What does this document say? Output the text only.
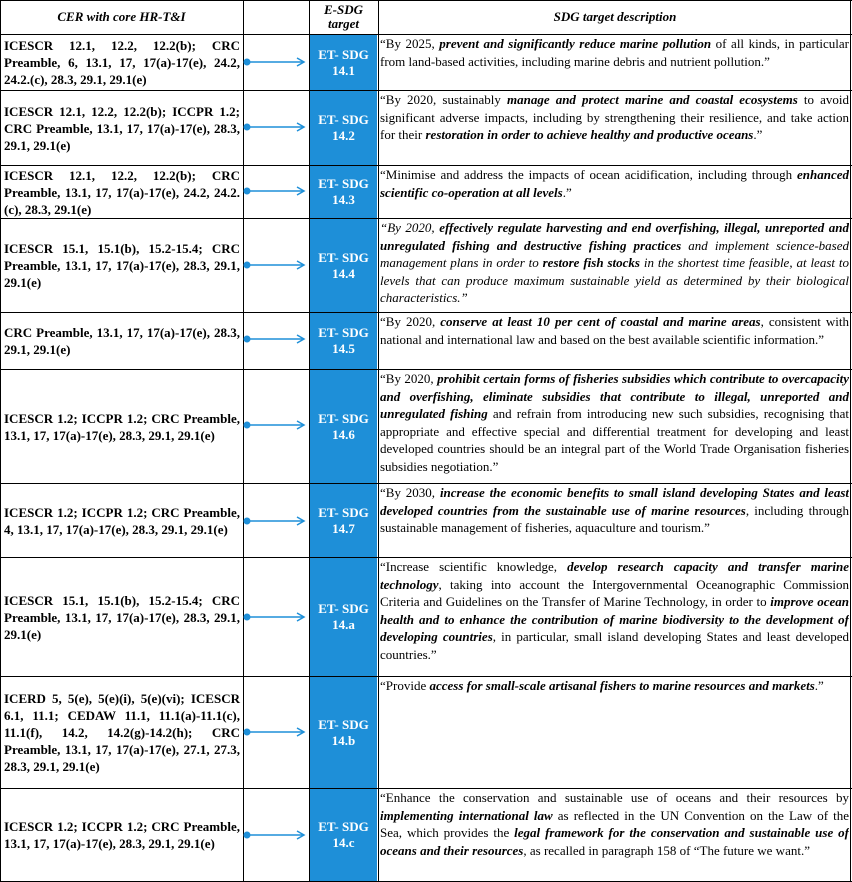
CER with core HR-T&I	E-SDG
target	SDG target description
ICESCR 12.1, 12.2, 12.2(b); CRC Preamble, 6, 13.1, 17, 17(a)-17(e), 24.2, 24.2.(c), 28.3, 29.1, 29.1(e)
ET- SDG
14.1
“By 2025, prevent and significantly reduce marine pollution of all kinds, in particular from land-based activities, including marine debris and nutrient pollution.”
ICESCR 12.1, 12.2, 12.2(b); ICCPR 1.2; CRC Preamble, 13.1, 17, 17(a)-17(e), 28.3, 29.1, 29.1(e)
ET- SDG
14.2
“By 2020, sustainably manage and protect marine and coastal ecosystems to avoid significant adverse impacts, including by strengthening their resilience, and take action for their restoration in order to achieve healthy and productive oceans.”
ICESCR 12.1, 12.2, 12.2(b); CRC Preamble, 13.1, 17, 17(a)-17(e), 24.2, 24.2.(c), 28.3, 29.1(e)
ET- SDG
14.3
“Minimise and address the impacts of ocean acidification, including through enhanced scientific co-operation at all levels.”
ICESCR 15.1, 15.1(b), 15.2-15.4; CRC Preamble, 13.1, 17, 17(a)-17(e), 28.3, 29.1, 29.1(e)
ET- SDG
14.4
“By 2020, effectively regulate harvesting and end overfishing, illegal, unreported and unregulated fishing and destructive fishing practices and implement science-based management plans in order to restore fish stocks in the shortest time feasible, at least to levels that can produce maximum sustainable yield as determined by their biological characteristics.”
CRC Preamble, 13.1, 17, 17(a)-17(e), 28.3, 29.1, 29.1(e)
ET- SDG
14.5
“By 2020, conserve at least 10 per cent of coastal and marine areas, consistent with national and international law and based on the best available scientific information.”
ICESCR 1.2; ICCPR 1.2; CRC Preamble, 13.1, 17, 17(a)-17(e), 28.3, 29.1, 29.1(e)
ET- SDG
14.6
“By 2020, prohibit certain forms of fisheries subsidies which contribute to overcapacity and overfishing, eliminate subsidies that contribute to illegal, unreported and unregulated fishing and refrain from introducing new such subsidies, recognising that appropriate and effective special and differential treatment for developing and least developed countries should be an integral part of the World Trade Organisation fisheries subsidies negotiation.”
ICESCR 1.2; ICCPR 1.2; CRC Preamble, 4, 13.1, 17, 17(a)-17(e), 28.3, 29.1, 29.1(e)
ET- SDG
14.7
“By 2030, increase the economic benefits to small island developing States and least developed countries from the sustainable use of marine resources, including through sustainable management of fisheries, aquaculture and tourism.”
ICESCR 15.1, 15.1(b), 15.2-15.4; CRC Preamble, 13.1, 17, 17(a)-17(e), 28.3, 29.1, 29.1(e)
ET- SDG
14.a
“Increase scientific knowledge, develop research capacity and transfer marine technology, taking into account the Intergovernmental Oceanographic Commission Criteria and Guidelines on the Transfer of Marine Technology, in order to improve ocean health and to enhance the contribution of marine biodiversity to the development of developing countries, in particular, small island developing States and least developed countries.”
ICERD 5, 5(e), 5(e)(i), 5(e)(vi); ICESCR 6.1, 11.1; CEDAW 11.1, 11.1(a)-11.1(c), 11.1(f), 14.2, 14.2(g)-14.2(h); CRC Preamble, 13.1, 17, 17(a)-17(e), 27.1, 27.3, 28.3, 29.1, 29.1(e)
ET- SDG
14.b
“Provide access for small-scale artisanal fishers to marine resources and markets.”
ICESCR 1.2; ICCPR 1.2; CRC Preamble, 13.1, 17, 17(a)-17(e), 28.3, 29.1, 29.1(e)
ET- SDG
14.c
“Enhance the conservation and sustainable use of oceans and their resources by implementing international law as reflected in the UN Convention on the Law of the Sea, which provides the legal framework for the conservation and sustainable use of oceans and their resources, as recalled in paragraph 158 of “The future we want.”
